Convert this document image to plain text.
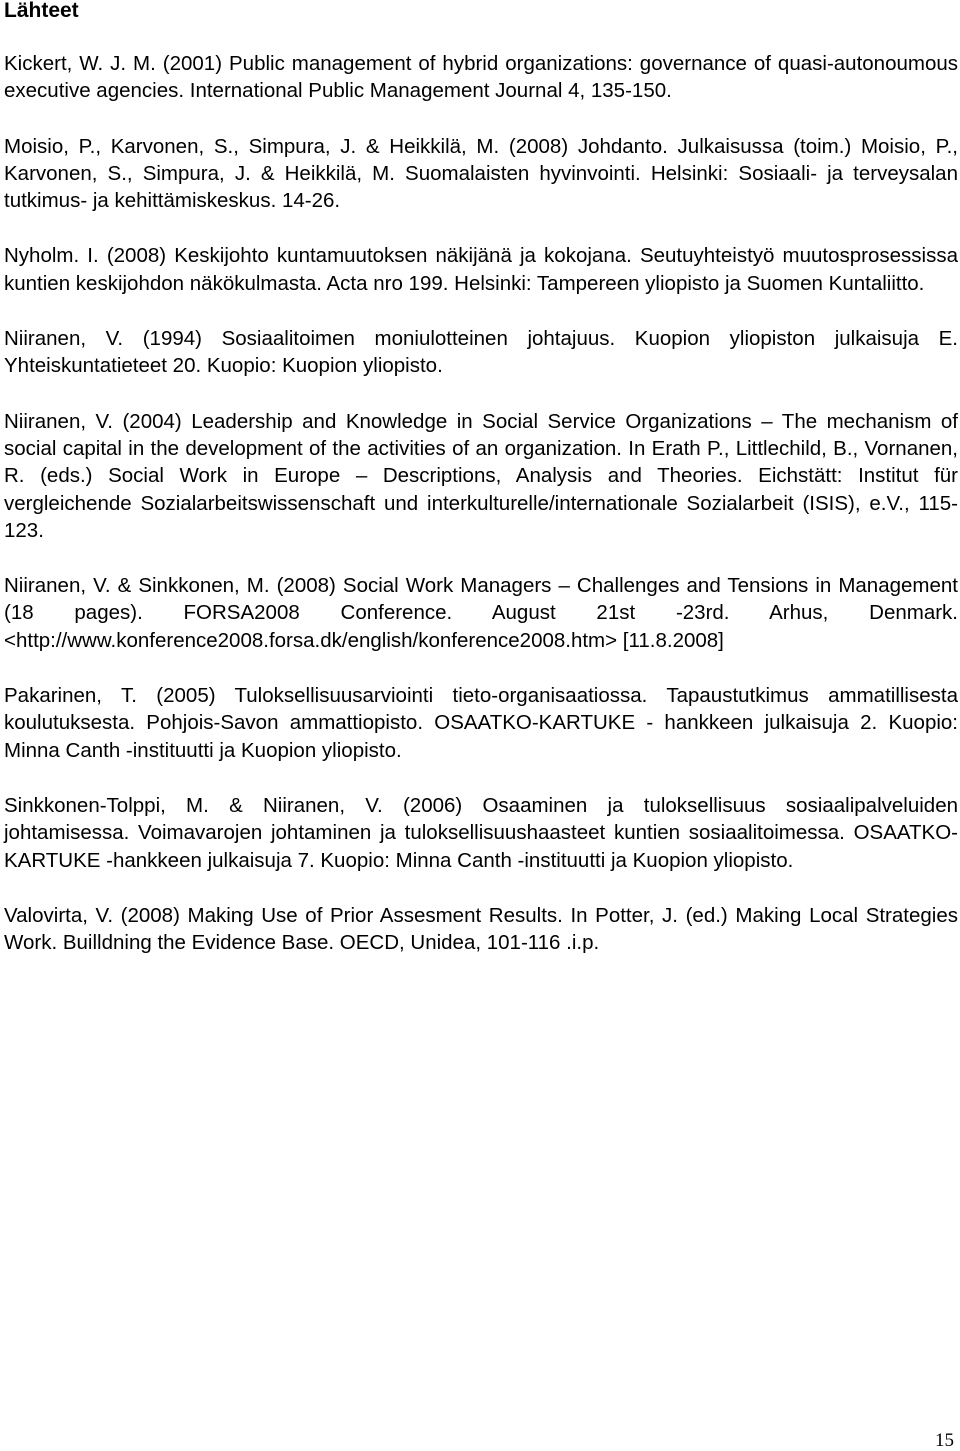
Lähteet

Kickert, W. J. M. (2001) Public management of hybrid organizations: governance of quasi-autonoumous executive agencies. International Public Management Journal 4, 135-150.

Moisio, P., Karvonen, S., Simpura, J. & Heikkilä, M. (2008) Johdanto. Julkaisussa (toim.) Moisio, P., Karvonen, S., Simpura, J. & Heikkilä, M. Suomalaisten hyvinvointi. Helsinki: Sosiaali- ja terveysalan tutkimus- ja kehittämiskeskus. 14-26.

Nyholm. I. (2008) Keskijohto kuntamuutoksen näkijänä ja kokojana. Seutuyhteistyö muutosprosessissa kuntien keskijohdon näkökulmasta. Acta nro 199. Helsinki: Tampereen yliopisto ja Suomen Kuntaliitto.

Niiranen, V. (1994) Sosiaalitoimen moniulotteinen johtajuus. Kuopion yliopiston julkaisuja E. Yhteiskuntatieteet 20. Kuopio: Kuopion yliopisto.

Niiranen, V. (2004) Leadership and Knowledge in Social Service Organizations – The mechanism of social capital in the development of the activities of an organization. In Erath P., Littlechild, B., Vornanen, R. (eds.) Social Work in Europe – Descriptions, Analysis and Theories. Eichstätt: Institut für vergleichende Sozialarbeitswissenschaft und interkulturelle/internationale Sozialarbeit (ISIS), e.V., 115-123.

Niiranen, V. & Sinkkonen, M. (2008) Social Work Managers – Challenges and Tensions in Management (18 pages). FORSA2008 Conference. August 21st -23rd. Arhus, Denmark. <http://www.konference2008.forsa.dk/english/konference2008.htm> [11.8.2008]

Pakarinen, T. (2005) Tuloksellisuusarviointi tieto-organisaatiossa. Tapaustutkimus ammatillisesta koulutuksesta. Pohjois-Savon ammattiopisto. OSAATKO-KARTUKE - hankkeen julkaisuja 2. Kuopio: Minna Canth -instituutti ja Kuopion yliopisto.

Sinkkonen-Tolppi, M. & Niiranen, V. (2006) Osaaminen ja tuloksellisuus sosiaalipalveluiden johtamisessa. Voimavarojen johtaminen ja tuloksellisuushaasteet kuntien sosiaalitoimessa. OSAATKO-KARTUKE -hankkeen julkaisuja 7. Kuopio: Minna Canth -instituutti ja Kuopion yliopisto.

Valovirta, V. (2008) Making Use of Prior Assesment Results. In Potter, J. (ed.) Making Local Strategies Work. Builldning the Evidence Base. OECD, Unidea, 101-116 .i.p.

15
